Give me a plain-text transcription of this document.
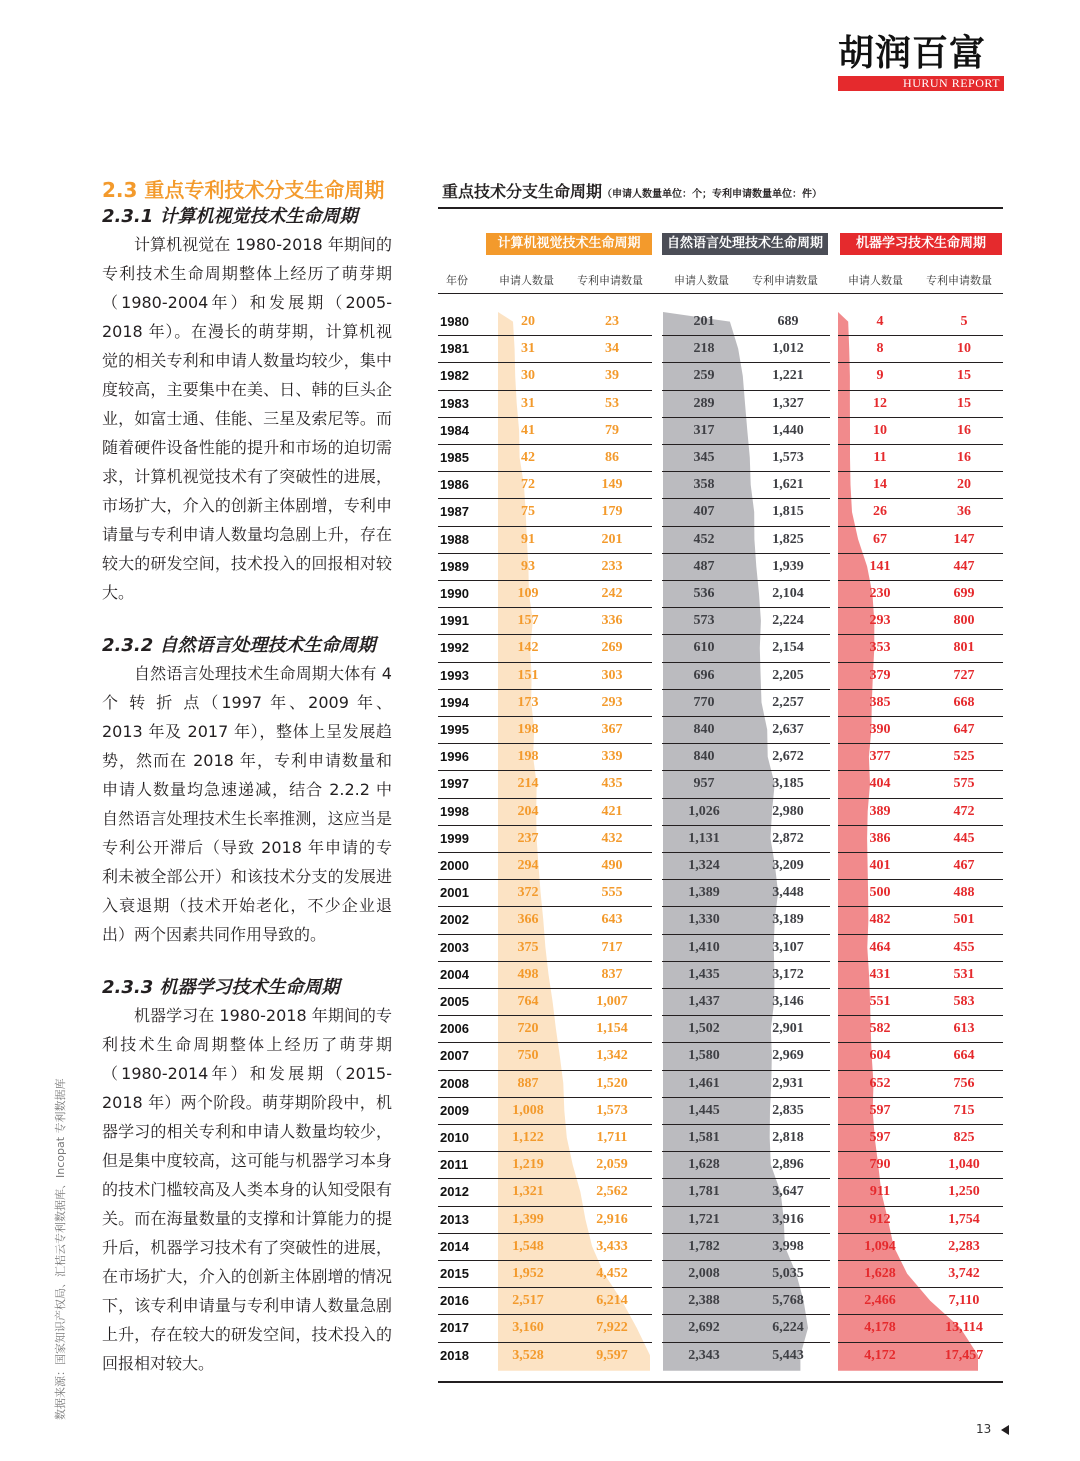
胡润百富
HURUN REPORT
2.3 重点专利技术分支生命周期
2.3.1 计算机视觉技术生命周期

计算机视觉在 1980-2018 年期间的专利技术生命周期整体上经历了萌芽期（1980-2004年）和发展期（2005-2018 年）。在漫长的萌芽期，计算机视觉的相关专利和申请人数量均较少，集中度较高，主要集中在美、日、韩的巨头企业，如富士通、佳能、三星及索尼等。而随着硬件设备性能的提升和市场的迫切需求，计算机视觉技术有了突破性的进展，市场扩大，介入的创新主体剧增，专利申请量与专利申请人数量均急剧上升，存在较大的研发空间，技术投入的回报相对较大。

2.3.2 自然语言处理技术生命周期

自然语言处理技术生命周期大体有 4 个 转 折 点（1997 年、2009 年、2013 年及 2017 年），整体上呈发展趋势，然而在 2018 年，专利申请数量和申请人数量均急速递减，结合 2.2.2 中自然语言处理技术生长率推测，这应当是专利公开滞后（导致 2018 年申请的专利未被全部公开）和该技术分支的发展进入衰退期（技术开始老化，不少企业退出）两个因素共同作用导致的。

2.3.3 机器学习技术生命周期

机器学习在 1980-2018 年期间的专利技术生命周期整体上经历了萌芽期（1980-2014年）和发展期（2015-2018 年）两个阶段。萌芽期阶段中，机器学习的相关专利和申请人数量均较少，但是集中度较高，这可能与机器学习本身的技术门槛较高及人类本身的认知受限有关。而在海量数量的支撑和计算能力的提升后，机器学习技术有了突破性的进展，在市场扩大，介入的创新主体剧增的情况下，该专利申请量与专利申请人数量急剧上升，存在较大的研发空间，技术投入的回报相对较大。

数据来源：国家知识产权局、汇桔云专利数据库、Incopat 专利数据库
重点技术分支生命周期（申请人数量单位：个；专利申请数量单位：件）
计算机视觉技术生命周期	自然语言处理技术生命周期	机器学习技术生命周期
年份	申请人数量 专利申请数量	申请人数量 专利申请数量	申请人数量 专利申请数量
1980	20	23	201	689	4	5
1981	31	34	218	1,012	8	10
1982	30	39	259	1,221	9	15
1983	31	53	289	1,327	12	15
1984	41	79	317	1,440	10	16
1985	42	86	345	1,573	11	16
1986	72	149	358	1,621	14	20
1987	75	179	407	1,815	26	36
1988	91	201	452	1,825	67	147
1989	93	233	487	1,939	141	447
1990	109	242	536	2,104	230	699
1991	157	336	573	2,224	293	800
1992	142	269	610	2,154	353	801
1993	151	303	696	2,205	379	727
1994	173	293	770	2,257	385	668
1995	198	367	840	2,637	390	647
1996	198	339	840	2,672	377	525
1997	214	435	957	3,185	404	575
1998	204	421	1,026	2,980	389	472
1999	237	432	1,131	2,872	386	445
2000	294	490	1,324	3,209	401	467
2001	372	555	1,389	3,448	500	488
2002	366	643	1,330	3,189	482	501
2003	375	717	1,410	3,107	464	455
2004	498	837	1,435	3,172	431	531
2005	764	1,007	1,437	3,146	551	583
2006	720	1,154	1,502	2,901	582	613
2007	750	1,342	1,580	2,969	604	664
2008	887	1,520	1,461	2,931	652	756
2009	1,008	1,573	1,445	2,835	597	715
2010	1,122	1,711	1,581	2,818	597	825
2011	1,219	2,059	1,628	2,896	790	1,040
2012	1,321	2,562	1,781	3,647	911	1,250
2013	1,399	2,916	1,721	3,916	912	1,754
2014	1,548	3,433	1,782	3,998	1,094	2,283
2015	1,952	4,452	2,008	5,035	1,628	3,742
2016	2,517	6,214	2,388	5,768	2,466	7,110
2017	3,160	7,922	2,692	6,224	4,178	13,114
2018	3,528	9,597	2,343	5,443	4,172	17,457
13
